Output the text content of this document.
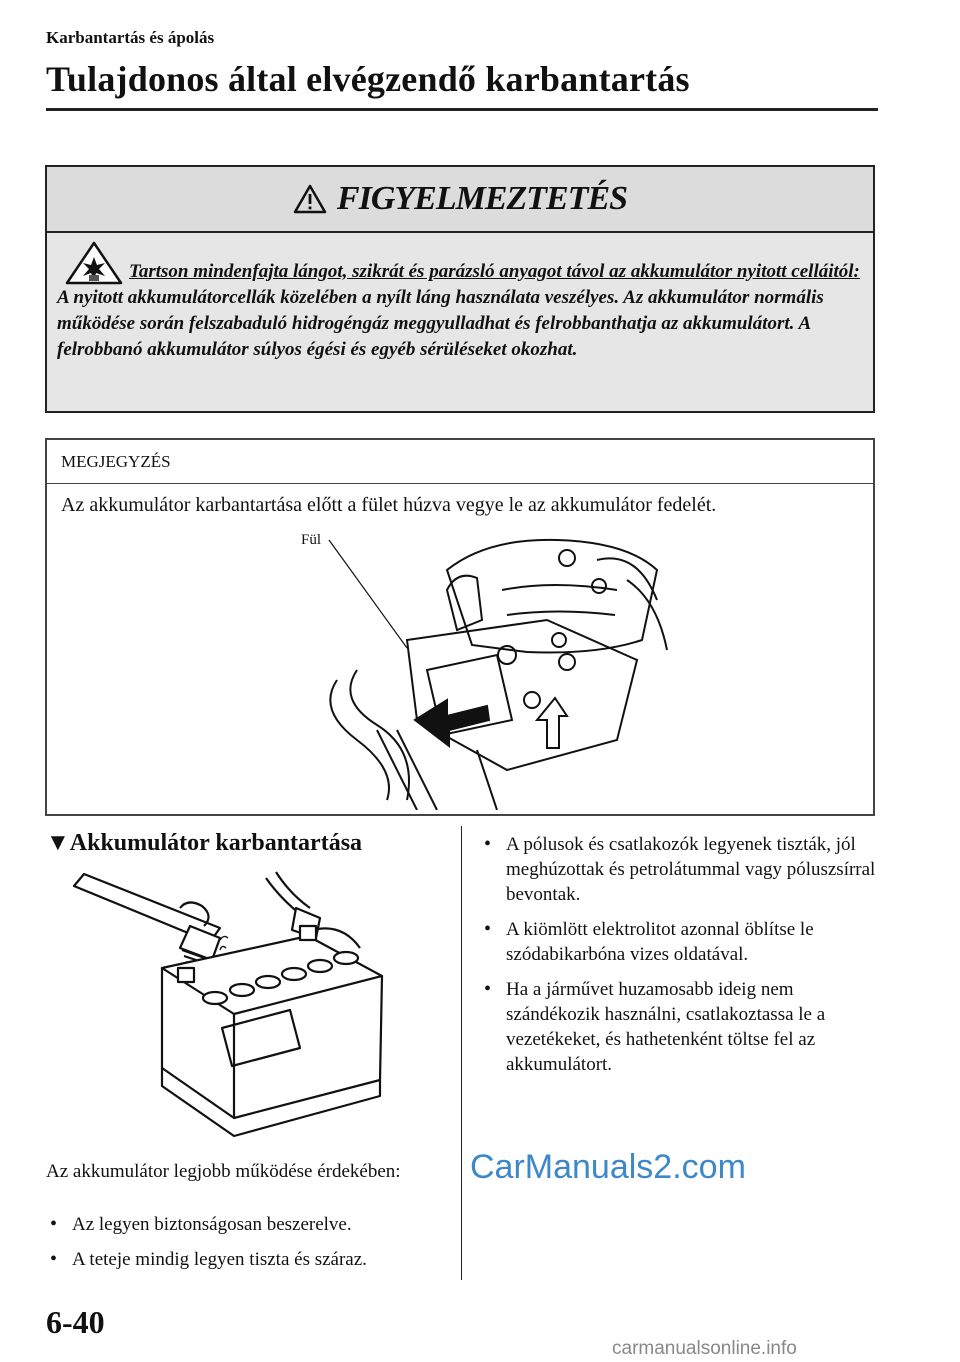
Karbantartás és ápolás
Tulajdonos által elvégzendő karbantartás
FIGYELMEZTETÉS
Tartson mindenfajta lángot, szikrát és parázsló anyagot távol az akkumulátor nyitott celláitól:
A nyitott akkumulátorcellák közelében a nyílt láng használata veszélyes. Az akkumulátor normális működése során felszabaduló hidrogéngáz meggyulladhat és felrobbanthatja az akkumulátort. A felrobbanó akkumulátor súlyos égési és egyéb sérüléseket okozhat.
MEGJEGYZÉS
Az akkumulátor karbantartása előtt a fület húzva vegye le az akkumulátor fedelét.
Fül
▼Akkumulátor karbantartása
Az akkumulátor legjobb működése érdekében:
• Az legyen biztonságosan beszerelve.
• A teteje mindig legyen tiszta és száraz.
• A pólusok és csatlakozók legyenek tiszták, jól meghúzottak és petrolátummal vagy póluszsírral bevontak.
• A kiömlött elektrolitot azonnal öblítse le szódabikarbóna vizes oldatával.
• Ha a járművet huzamosabb ideig nem szándékozik használni, csatlakoztassa le a vezetékeket, és hathetenként töltse fel az akkumulátort.
CarManuals2.com
6-40
carmanualsonline.info
